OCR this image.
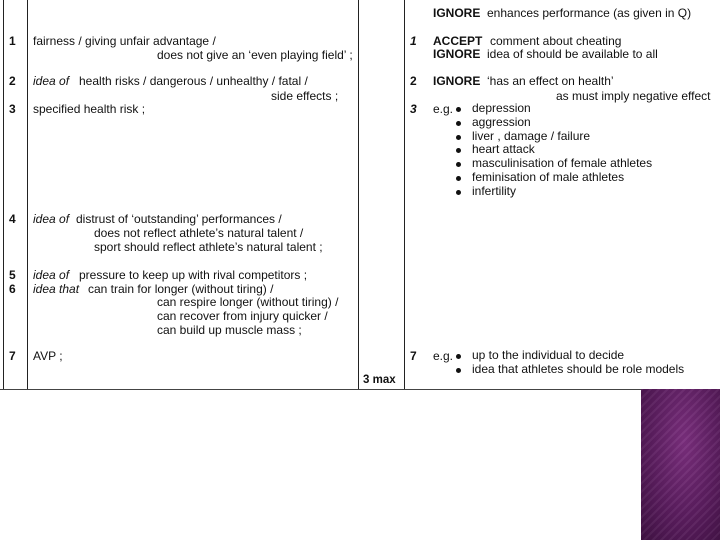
IGNORE enhances performance (as given in Q)
1 fairness / giving unfair advantage /
does not give an ‘even playing field’ ;
1 ACCEPT comment about cheating
IGNORE idea of should be available to all
2 idea of health risks / dangerous / unhealthy / fatal /
side effects ;
2 IGNORE ‘has an effect on health’
as must imply negative effect
3 specified health risk ;	3 e.g. depression
aggression
liver , damage / failure
heart attack
masculinisation of female athletes
feminisation of male athletes
infertility
4 idea of distrust of ‘outstanding’ performances /
does not reflect athlete’s natural talent /
sport should reflect athlete’s natural talent ;
5 idea of pressure to keep up with rival competitors ;
6 idea that can train for longer (without tiring) /
can respire longer (without tiring) /
can recover from injury quicker /
can build up muscle mass ;
7 AVP ;	7 e.g. up to the individual to decide
idea that athletes should be role models
3 max
